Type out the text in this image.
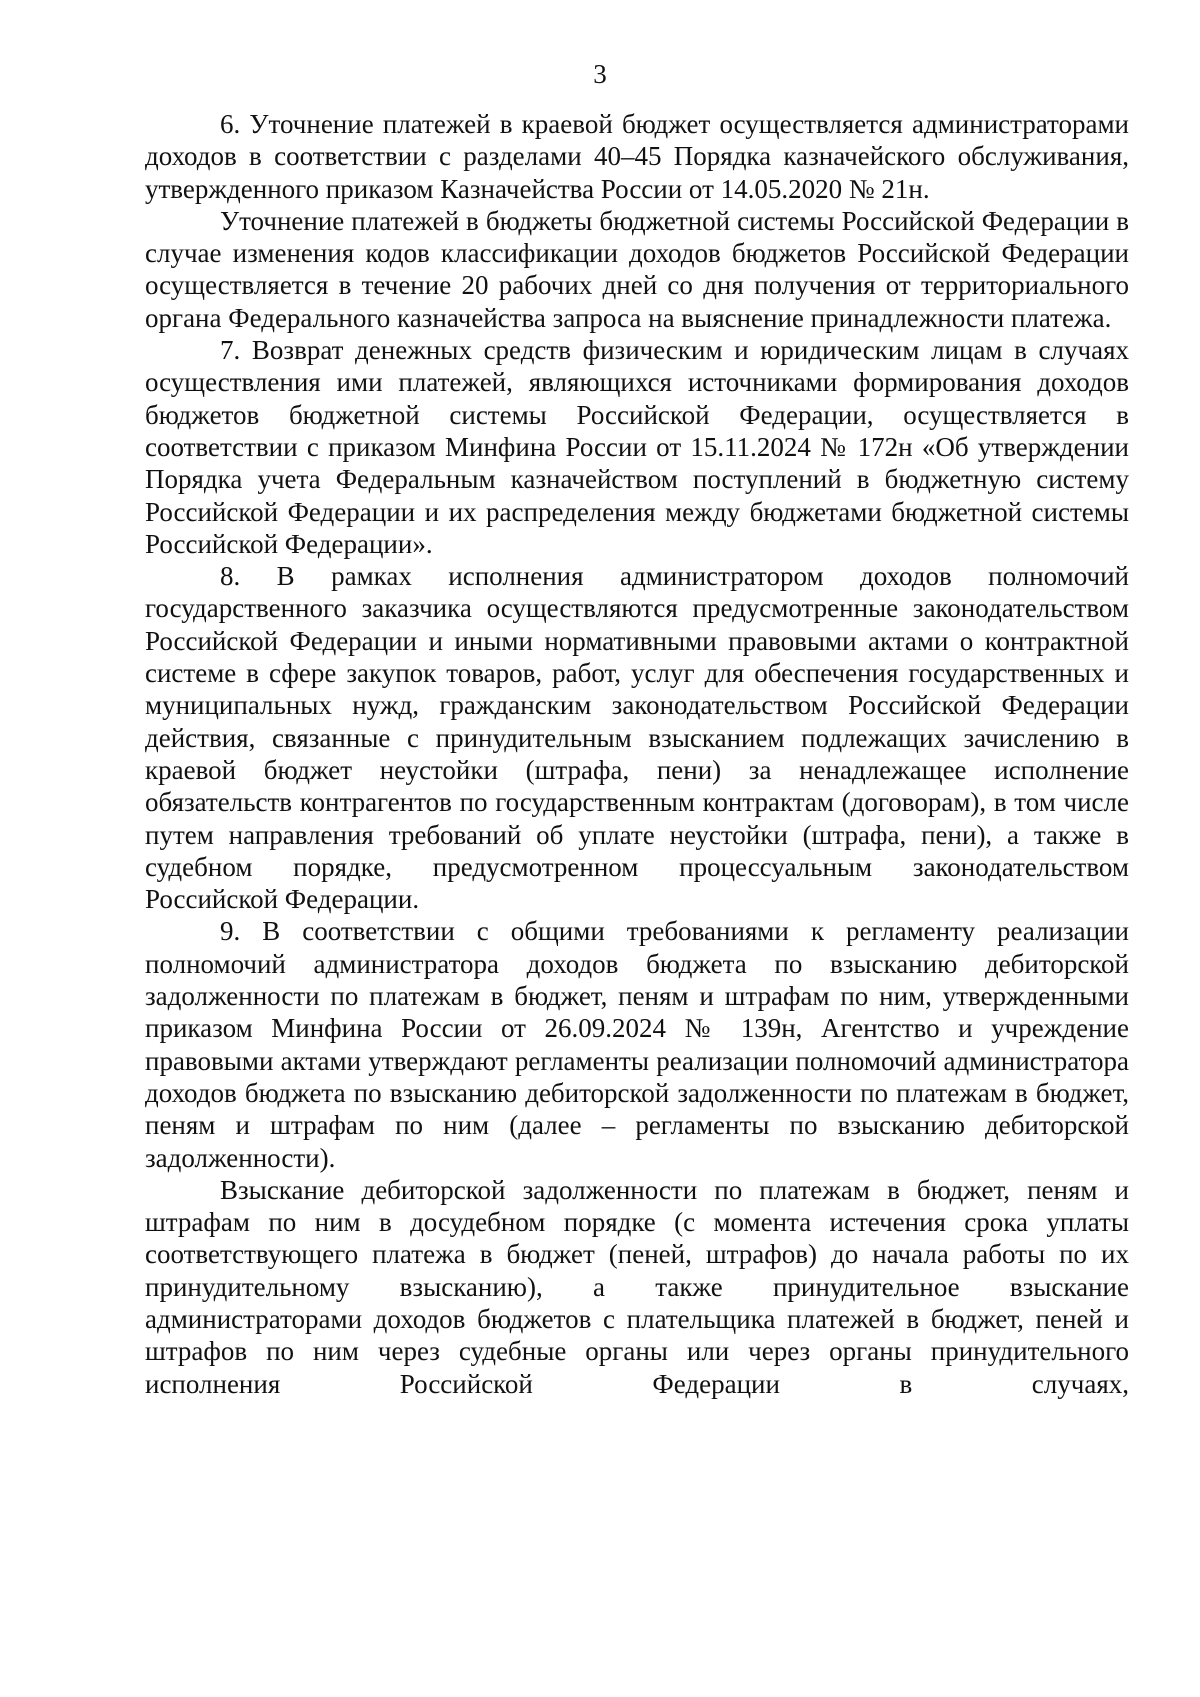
3

6. Уточнение платежей в краевой бюджет осуществляется администраторами доходов в соответствии с разделами 40–45 Порядка казначейского обслуживания, утвержденного приказом Казначейства России от 14.05.2020 № 21н.

Уточнение платежей в бюджеты бюджетной системы Российской Федерации в случае изменения кодов классификации доходов бюджетов Российской Федерации осуществляется в течение 20 рабочих дней со дня получения от территориального органа Федерального казначейства запроса на выяснение принадлежности платежа.

7. Возврат денежных средств физическим и юридическим лицам в случаях осуществления ими платежей, являющихся источниками формирования доходов бюджетов бюджетной системы Российской Федерации, осуществляется в соответствии с приказом Минфина России от 15.11.2024 № 172н «Об утверждении Порядка учета Федеральным казначейством поступлений в бюджетную систему Российской Федерации и их распределения между бюджетами бюджетной системы Российской Федерации».

8. В рамках исполнения администратором доходов полномочий государственного заказчика осуществляются предусмотренные законодательством Российской Федерации и иными нормативными правовыми актами о контрактной системе в сфере закупок товаров, работ, услуг для обеспечения государственных и муниципальных нужд, гражданским законодательством Российской Федерации действия, связанные с принудительным взысканием подлежащих зачислению в краевой бюджет неустойки (штрафа, пени) за ненадлежащее исполнение обязательств контрагентов по государственным контрактам (договорам), в том числе путем направления требований об уплате неустойки (штрафа, пени), а также в судебном порядке, предусмотренном процессуальным законодательством Российской Федерации.

9. В соответствии с общими требованиями к регламенту реализации полномочий администратора доходов бюджета по взысканию дебиторской задолженности по платежам в бюджет, пеням и штрафам по ним, утвержденными приказом Минфина России от 26.09.2024 № 139н, Агентство и учреждение правовыми актами утверждают регламенты реализации полномочий администратора доходов бюджета по взысканию дебиторской задолженности по платежам в бюджет, пеням и штрафам по ним (далее – регламенты по взысканию дебиторской задолженности).

Взыскание дебиторской задолженности по платежам в бюджет, пеням и штрафам по ним в досудебном порядке (с момента истечения срока уплаты соответствующего платежа в бюджет (пеней, штрафов) до начала работы по их принудительному взысканию), а также принудительное взыскание администраторами доходов бюджетов с плательщика платежей в бюджет, пеней и штрафов по ним через судебные органы или через органы принудительного исполнения Российской Федерации в случаях,
